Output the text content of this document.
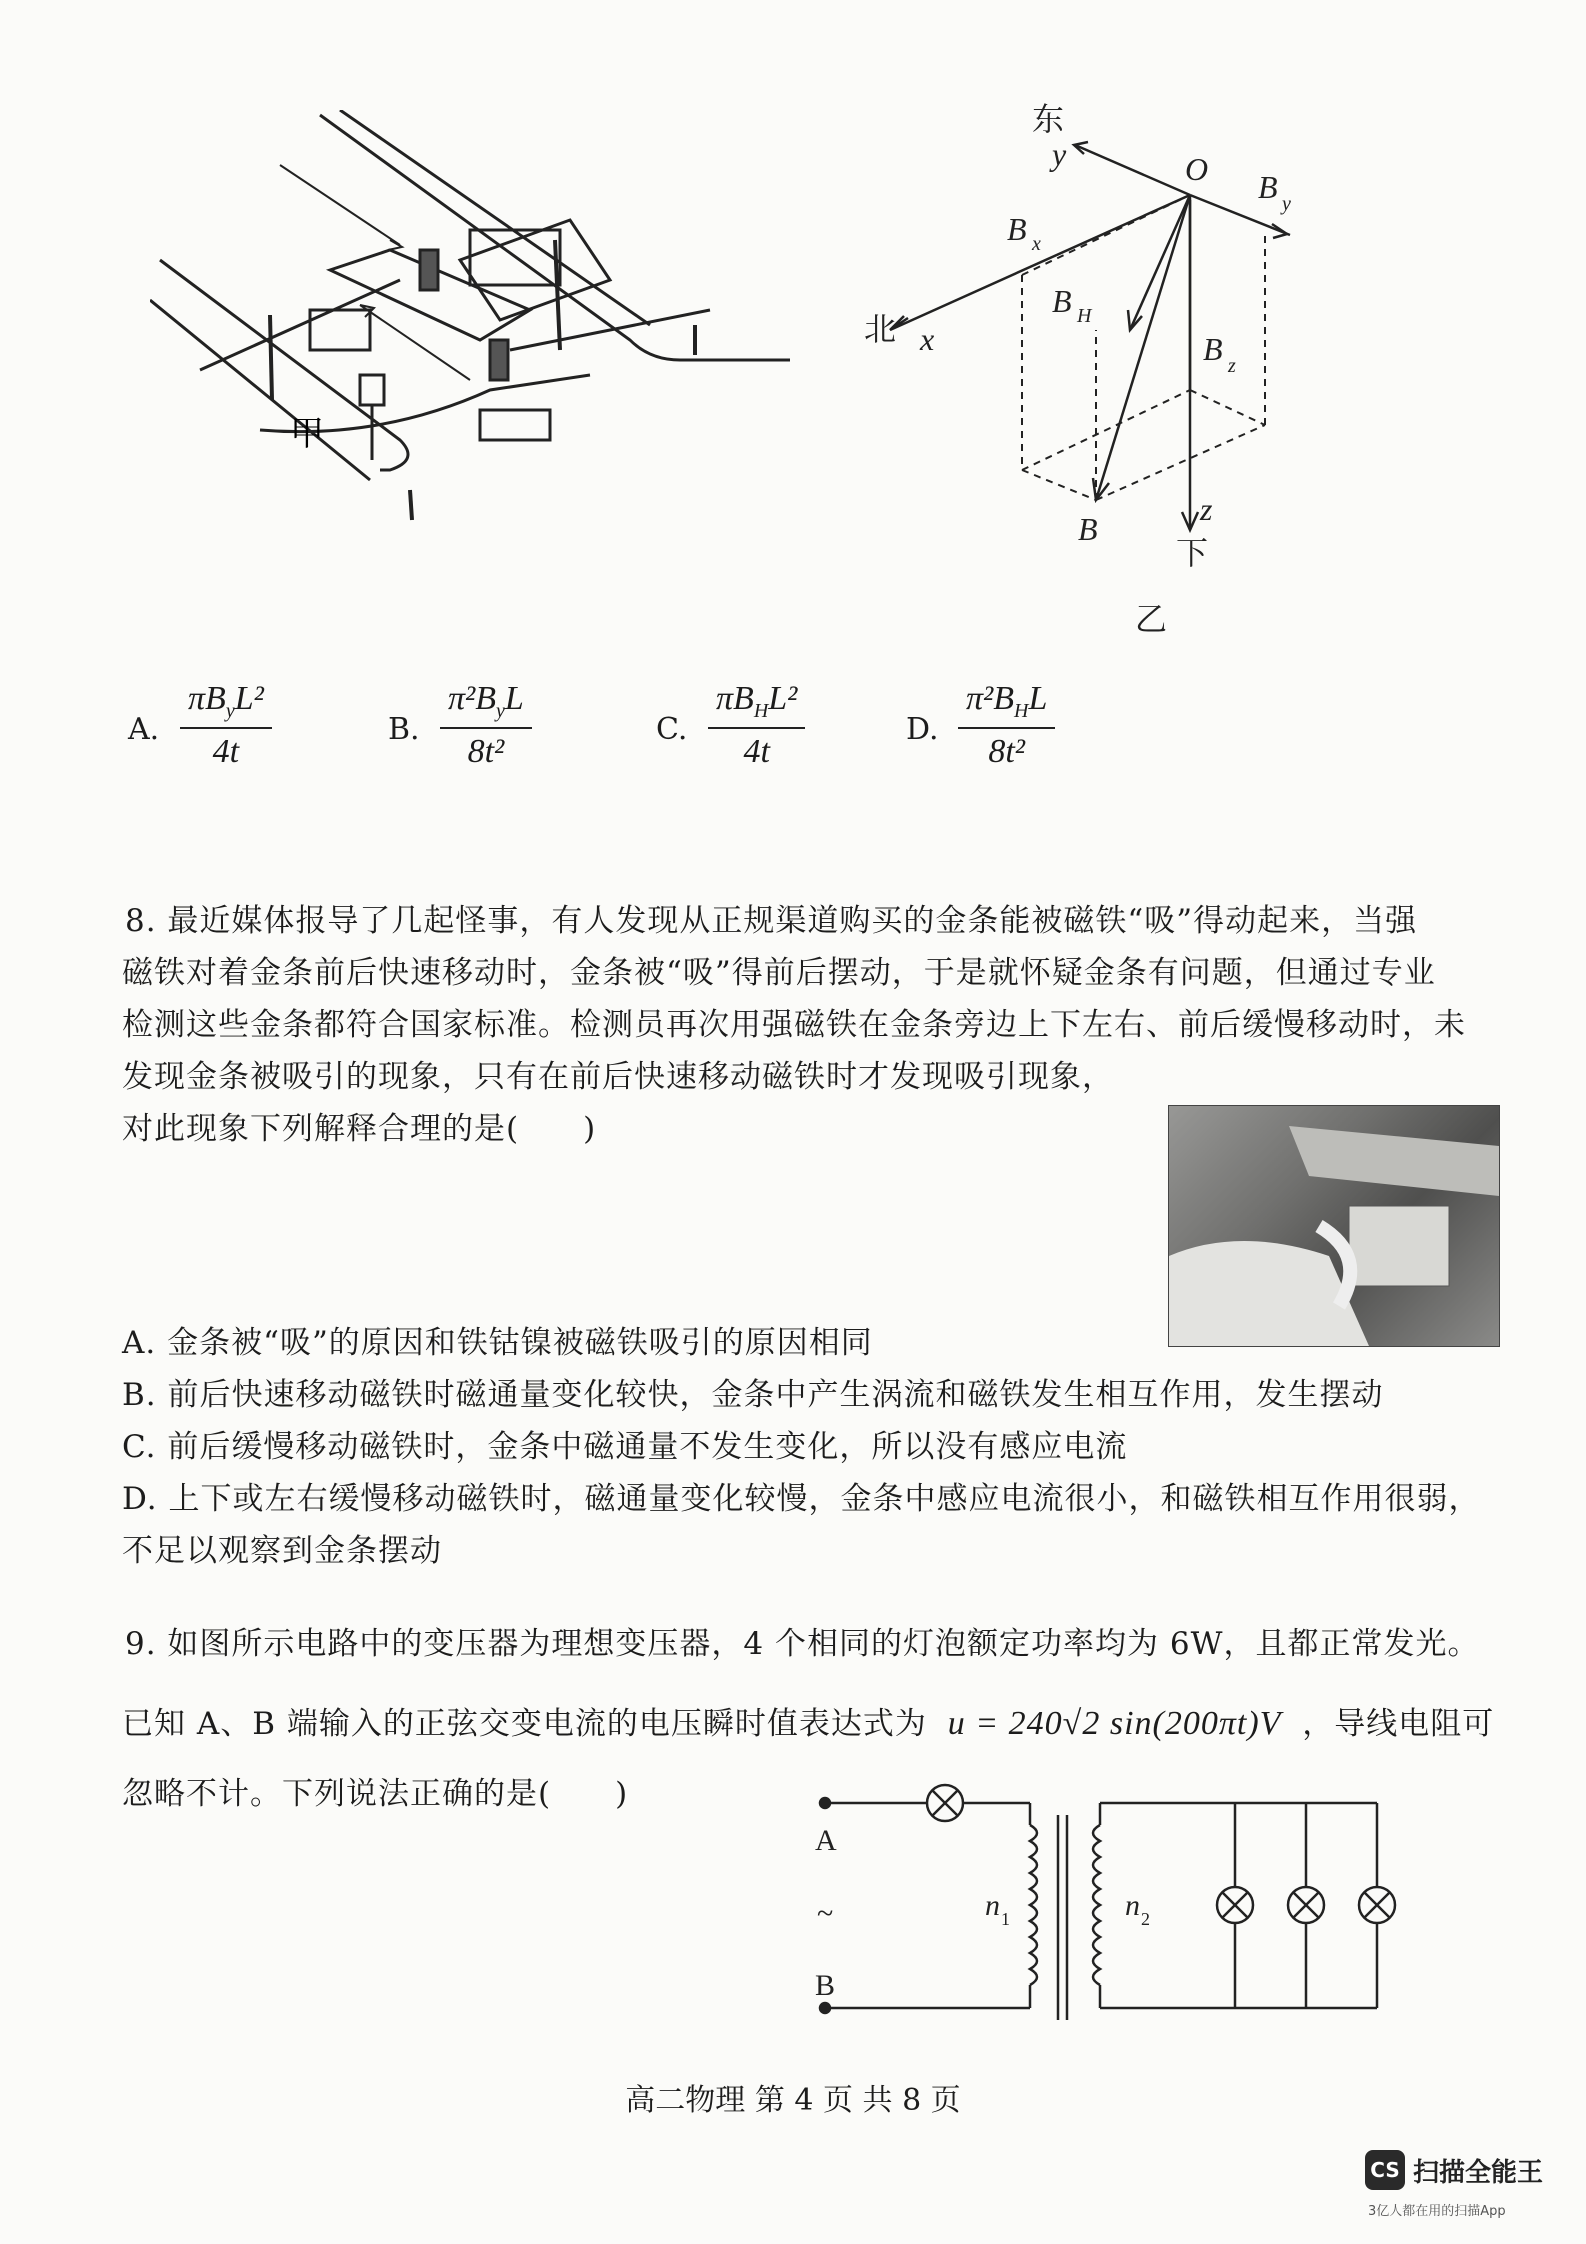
甲
O
y
x
z
B x
B y
B z
B H
B
东
北
下
乙
A.
$\pi B_yL^2$
4t
B.
$\pi^2B_yL$
8t²
C.
$\pi B_HL^2$
4t
D.
$\pi^2B_HL$
8t²
8. 最近媒体报导了几起怪事，有人发现从正规渠道购买的金条能被磁铁“吸”得动起来，当强
磁铁对着金条前后快速移动时，金条被“吸”得前后摆动，于是就怀疑金条有问题，但通过专业
检测这些金条都符合国家标准。检测员再次用强磁铁在金条旁边上下左右、前后缓慢移动时，未
发现金条被吸引的现象，只有在前后快速移动磁铁时才发现吸引现象，
对此现象下列解释合理的是(　　)
A. 金条被“吸”的原因和铁钴镍被磁铁吸引的原因相同
B. 前后快速移动磁铁时磁通量变化较快，金条中产生涡流和磁铁发生相互作用，发生摆动
C. 前后缓慢移动磁铁时，金条中磁通量不发生变化，所以没有感应电流
D. 上下或左右缓慢移动磁铁时，磁通量变化较慢，金条中感应电流很小，和磁铁相互作用很弱，
不足以观察到金条摆动
9. 如图所示电路中的变压器为理想变压器，4 个相同的灯泡额定功率均为 6W，且都正常发光。
已知 A、B 端输入的正弦交变电流的电压瞬时值表达式为 u = 240√2 sin(200πt)V ，导线电阻可
忽略不计。下列说法正确的是(　　)
A
~
B
n 1	n 2
高二物理 第 4 页 共 8 页
CS 扫描全能王
3亿人都在用的扫描App
